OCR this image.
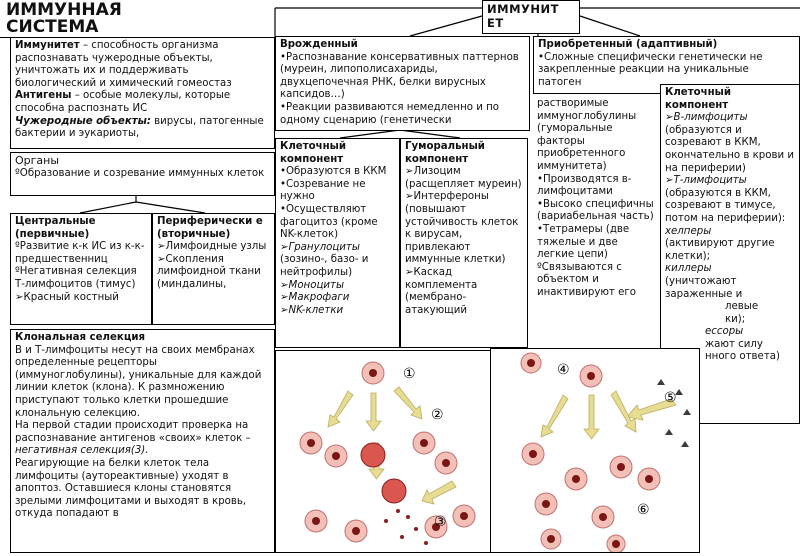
ИММУННАЯ
СИСТЕМА
ИММУНИТ
ЕТ
Иммунитет – способность организма распознавать чужеродные объекты, уничтожать их и поддерживать биологический и химический гомеостаз
Антигены – особые молекулы, которые способна распознать ИС
Чужеродные объекты: вирусы, патогенные бактерии и эукариоты,
Органы
ºОбразование и созревание иммунных клеток
Центральные (первичные)
ºРазвитие к-к ИС из к-к-предшественниц
ºНегативная селекция Т-лимфоцитов (тимус)
➢Красный костный
Периферически е (вторичные)
➢Лимфоидные узлы
➢Скопления лимфоидной ткани (миндалины,
Врожденный
•Распознавание консервативных паттернов (муреин, липополисахариды, двухцепочечная РНК, белки вирусных капсидов…)
•Реакции развиваются немедленно и по одному сценарию (генетически
Приобретенный (адаптивный)
•Сложные специфически генетически не закрепленные реакции на уникальные патоген
Клеточный компонент
•Образуются в ККМ
•Созревание не нужно
•Осуществляют фагоцитоз (кроме NK-клеток)
➢Гранулоциты
(зозино-, базо- и нейтрофилы)
➢Моноциты
➢Макрофаги
➢NK-клетки
Гуморальный компонент
➢Лизоцим (расщепляет муреин)
➢Интерфероны (повышают устойчивость клеток к вирусам, привлекают иммунные клетки)
➢Каскад комплемента (мембрано-атакующий
растворимые иммуноглобулины (гуморальные факторы приобретенного иммунитета)
•Производятся в-лимфоцитами
•Высоко специфичны (вариабельная часть)
•Тетрамеры (две тяжелые и две легкие цепи)
ºСвязываются с объектом и инактивируют его
Клеточный компонент
➢В-лимфоциты
(образуются и созревают в ККМ, окончательно в крови и на периферии)
➢Т-лимфоциты
(образуются в ККМ, созревают в тимусе, потом на периферии):
хелперы
(активируют другие клетки);
киллеры
(уничтожают зараженные и
левые
ки);
ессоры
жают силу
нного ответа)
Клональная селекция
В и Т-лимфоциты несут на своих мембранах определенные рецепторы (иммуноглобулины), уникальные для каждой линии клеток (клона). К размножению приступают только клетки прошедшие клональную селекцию.
На первой стадии происходит проверка на распознавание антигенов «своих» клеток – негативная селекция(3).
Реагирующие на белки клеток тела лимфоциты (аутореактивные) уходят в апоптоз. Оставшиеся клоны становятся зрелыми лимфоцитами и выходят в кровь, откуда попадают в
①
②
③
④
⑤
⑥
